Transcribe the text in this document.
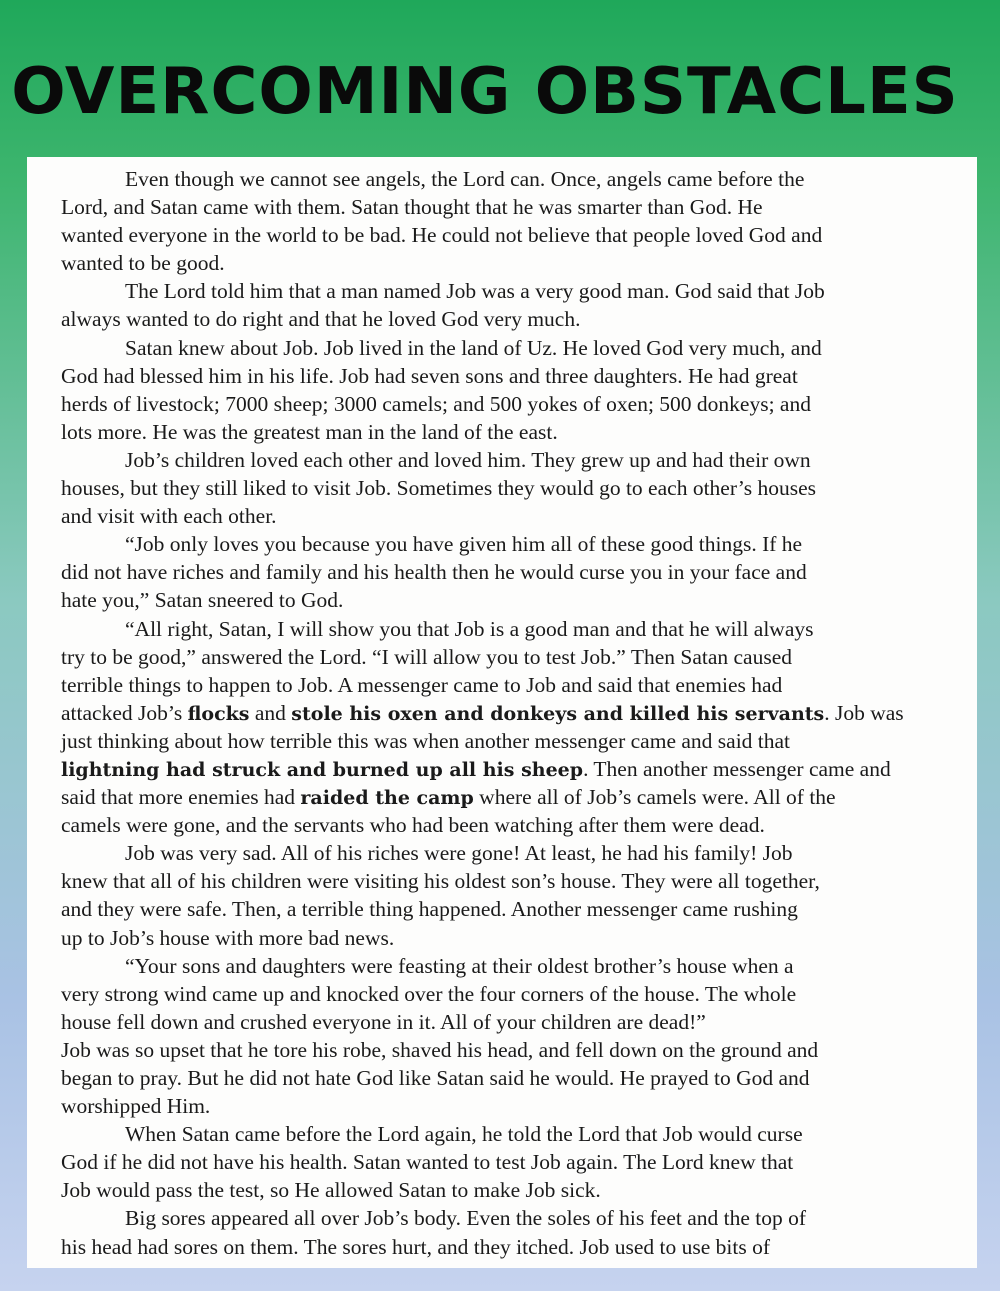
OVERCOMING OBSTACLES
Even though we cannot see angels, the Lord can. Once, angels came before the
Lord, and Satan came with them. Satan thought that he was smarter than God. He
wanted everyone in the world to be bad. He could not believe that people loved God and
wanted to be good.
The Lord told him that a man named Job was a very good man. God said that Job
always wanted to do right and that he loved God very much.
Satan knew about Job. Job lived in the land of Uz. He loved God very much, and
God had blessed him in his life. Job had seven sons and three daughters. He had great
herds of livestock; 7000 sheep; 3000 camels; and 500 yokes of oxen; 500 donkeys; and
lots more. He was the greatest man in the land of the east.
Job’s children loved each other and loved him. They grew up and had their own
houses, but they still liked to visit Job. Sometimes they would go to each other’s houses
and visit with each other.
“Job only loves you because you have given him all of these good things. If he
did not have riches and family and his health then he would curse you in your face and
hate you,” Satan sneered to God.
“All right, Satan, I will show you that Job is a good man and that he will always
try to be good,” answered the Lord. “I will allow you to test Job.” Then Satan caused
terrible things to happen to Job. A messenger came to Job and said that enemies had
attacked Job’s flocks and stole his oxen and donkeys and killed his servants. Job was
just thinking about how terrible this was when another messenger came and said that
lightning had struck and burned up all his sheep. Then another messenger came and
said that more enemies had raided the camp where all of Job’s camels were. All of the
camels were gone, and the servants who had been watching after them were dead.
Job was very sad. All of his riches were gone! At least, he had his family! Job
knew that all of his children were visiting his oldest son’s house. They were all together,
and they were safe. Then, a terrible thing happened. Another messenger came rushing
up to Job’s house with more bad news.
“Your sons and daughters were feasting at their oldest brother’s house when a
very strong wind came up and knocked over the four corners of the house. The whole
house fell down and crushed everyone in it. All of your children are dead!”
Job was so upset that he tore his robe, shaved his head, and fell down on the ground and
began to pray. But he did not hate God like Satan said he would. He prayed to God and
worshipped Him.
When Satan came before the Lord again, he told the Lord that Job would curse
God if he did not have his health. Satan wanted to test Job again. The Lord knew that
Job would pass the test, so He allowed Satan to make Job sick.
Big sores appeared all over Job’s body. Even the soles of his feet and the top of
his head had sores on them. The sores hurt, and they itched. Job used to use bits of
